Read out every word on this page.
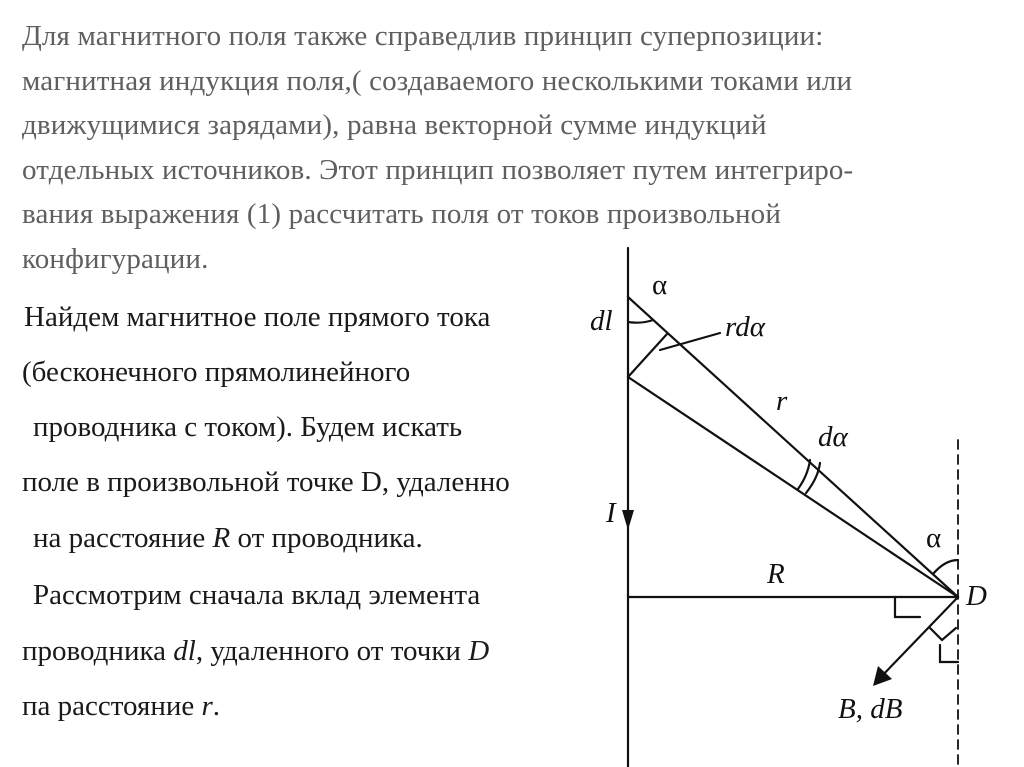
Для магнитного поля также справедлив принцип суперпозиции:
магнитная индукция поля,( создаваемого несколькими токами или
движущимися зарядами), равна векторной сумме индукций
отдельных источников. Этот принцип позволяет путем интегриро-
вания выражения (1) рассчитать поля от токов произвольной
конфигурации.
Найдем магнитное поле прямого тока
(бесконечного прямолинейного
проводника с током). Будем искать
поле в произвольной точке D, удаленно
на расстояние R от проводника.
Рассмотрим сначала вклад элемента
проводника dl, удаленного от точки D
па расстояние r.
α
dl	rdα
r
dα
I
α
R
D
B, dB
